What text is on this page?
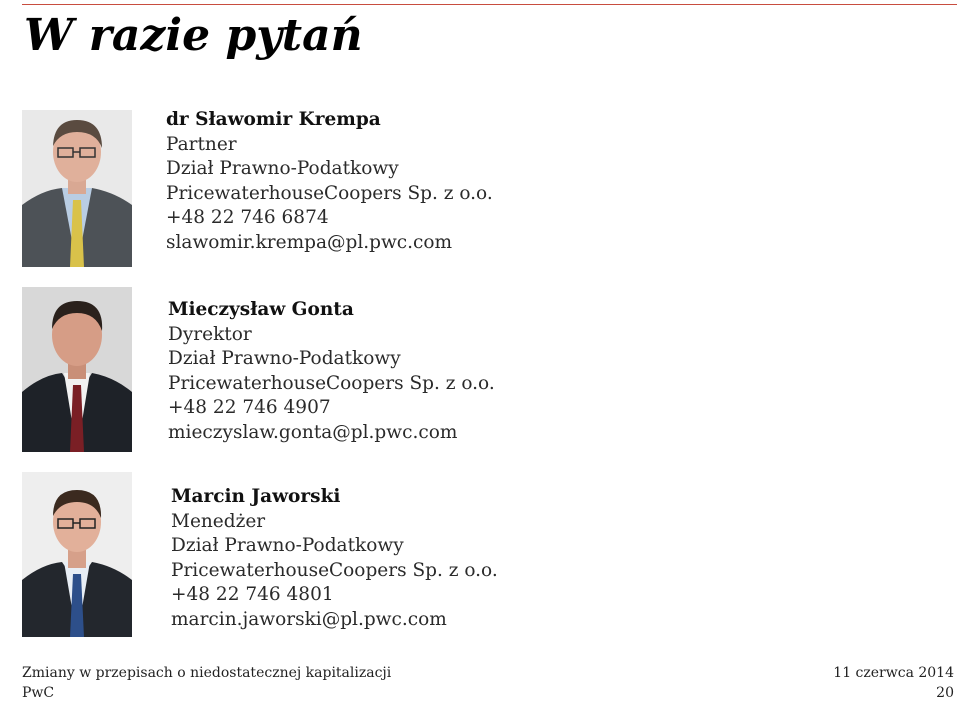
W razie pytań
dr Sławomir Krempa
Partner
Dział Prawno-Podatkowy
PricewaterhouseCoopers Sp. z o.o.
+48 22 746 6874
slawomir.krempa@pl.pwc.com
Mieczysław Gonta
Dyrektor
Dział Prawno-Podatkowy
PricewaterhouseCoopers Sp. z o.o.
+48 22 746 4907
mieczyslaw.gonta@pl.pwc.com
Marcin Jaworski
Menedżer
Dział Prawno-Podatkowy
PricewaterhouseCoopers Sp. z o.o.
+48 22 746 4801
marcin.jaworski@pl.pwc.com
Zmiany w przepisach o niedostatecznej kapitalizacji
PwC
11 czerwca 2014
20
